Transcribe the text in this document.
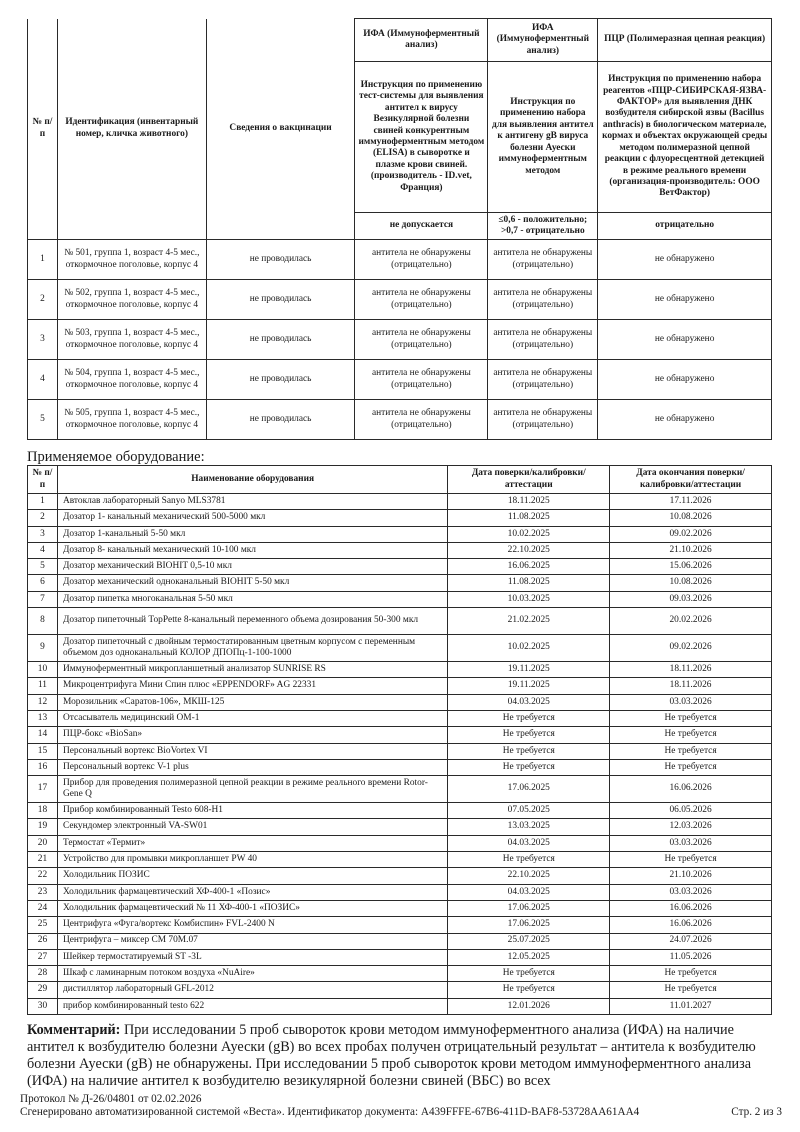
№ п/п	Идентификация (инвентарный номер, кличка животного)	Сведения о вакцинации	ИФА (Иммуноферментный анализ)	ИФА (Иммуноферментный анализ)	ПЦР (Полимеразная цепная реакция)
Инструкция по применению тест-системы для выявления антител к вирусу Везикулярной болезни свиней конкурентным иммуноферментным методом (ELISA) в сыворотке и плазме крови свиней. (производитель - ID.vet, Франция)	Инструкция по применению набора для выявления антител к антигену gB вируса болезни Ауески иммуноферментным методом	Инструкция по применению набора реагентов «ПЦР-СИБИРСКАЯ-ЯЗВА-ФАКТОР» для выявления ДНК возбудителя сибирской язвы (Bacillus anthracis) в биологическом материале, кормах и объектах окружающей среды методом полимеразной цепной реакции с флуоресцентной детекцией в режиме реального времени (организация-производитель: ООО ВетФактор)
			не допускается	≤0,6 - положительно; >0,7 - отрицательно	отрицательно
1	№ 501, группа 1, возраст 4-5 мес., откормочное поголовье, корпус 4	не проводилась	антитела не обнаружены (отрицательно)	антитела не обнаружены (отрицательно)	не обнаружено
2	№ 502, группа 1, возраст 4-5 мес., откормочное поголовье, корпус 4	не проводилась	антитела не обнаружены (отрицательно)	антитела не обнаружены (отрицательно)	не обнаружено
3	№ 503, группа 1, возраст 4-5 мес., откормочное поголовье, корпус 4	не проводилась	антитела не обнаружены (отрицательно)	антитела не обнаружены (отрицательно)	не обнаружено
4	№ 504, группа 1, возраст 4-5 мес., откормочное поголовье, корпус 4	не проводилась	антитела не обнаружены (отрицательно)	антитела не обнаружены (отрицательно)	не обнаружено
5	№ 505, группа 1, возраст 4-5 мес., откормочное поголовье, корпус 4	не проводилась	антитела не обнаружены (отрицательно)	антитела не обнаружены (отрицательно)	не обнаружено
Применяемое оборудование:
№ п/п	Наименование оборудования	Дата поверки/калибровки/аттестации	Дата окончания поверки/калибровки/аттестации
1	Автоклав лабораторный Sanyo MLS3781	18.11.2025	17.11.2026
2	Дозатор 1- канальный механический 500-5000 мкл	11.08.2025	10.08.2026
3	Дозатор 1-канальный 5-50 мкл	10.02.2025	09.02.2026
4	Дозатор 8- канальный механический 10-100 мкл	22.10.2025	21.10.2026
5	Дозатор механический BIOHIT 0,5-10 мкл	16.06.2025	15.06.2026
6	Дозатор механический одноканальный BIOHIT 5-50 мкл	11.08.2025	10.08.2026
7	Дозатор пипетка многоканальная 5-50 мкл	10.03.2025	09.03.2026
8	Дозатор пипеточный TopPette 8-канальный переменного объема дозирования 50-300 мкл	21.02.2025	20.02.2026
9	Дозатор пипеточный с двойным термостатированным цветным корпусом с переменным объемом доз одноканальный КОЛОР ДПОПц-1-100-1000	10.02.2025	09.02.2026
10	Иммуноферментный микропланшетный анализатор SUNRISE RS	19.11.2025	18.11.2026
11	Микроцентрифуга Мини Спин плюс «EPPENDORF» AG 22331	19.11.2025	18.11.2026
12	Морозильник «Саратов-106», МКШ-125	04.03.2025	03.03.2026
13	Отсасыватель медицинский ОМ-1	Не требуется	Не требуется
14	ПЦР-бокс «BioSan»	Не требуется	Не требуется
15	Персональный вортекс BioVortex VI	Не требуется	Не требуется
16	Персональный вортекс V-1 plus	Не требуется	Не требуется
17	Прибор для проведения полимеразной цепной реакции в режиме реального времени Rotor-Gene Q	17.06.2025	16.06.2026
18	Прибор комбинированный Testo 608-H1	07.05.2025	06.05.2026
19	Секундомер электронный VA-SW01	13.03.2025	12.03.2026
20	Термостат «Термит»	04.03.2025	03.03.2026
21	Устройство для промывки микропланшет PW 40	Не требуется	Не требуется
22	Холодильник ПОЗИС	22.10.2025	21.10.2026
23	Холодильник фармацевтический ХФ-400-1 «Позис»	04.03.2025	03.03.2026
24	Холодильник фармацевтический № 11 ХФ-400-1 «ПОЗИС»	17.06.2025	16.06.2026
25	Центрифуга «Фуга/вортекс Комбиспин» FVL-2400 N	17.06.2025	16.06.2026
26	Центрифуга – миксер СМ 70М.07	25.07.2025	24.07.2026
27	Шейкер термостатируемый ST -3L	12.05.2025	11.05.2026
28	Шкаф с ламинарным потоком воздуха «NuAire»	Не требуется	Не требуется
29	дистиллятор лабораторный GFL-2012	Не требуется	Не требуется
30	прибор комбинированный testo 622	12.01.2026	11.01.2027
Комментарий: При исследовании 5 проб сывороток крови методом иммуноферментного анализа (ИФА) на наличие антител к возбудителю болезни Ауески (gB) во всех пробах получен отрицательный результат – антитела к возбудителю болезни Ауески (gB) не обнаружены. При исследовании 5 проб сывороток крови методом иммуноферментного анализа (ИФА) на наличие антител к возбудителю везикулярной болезни свиней (ВБС) во всех
Протокол № Д-26/04801 от 02.02.2026
Сгенерировано автоматизированной системой «Веста». Идентификатор документа: A439FFFE-67B6-411D-BAF8-53728AA61AA4	Стр. 2 из 3
